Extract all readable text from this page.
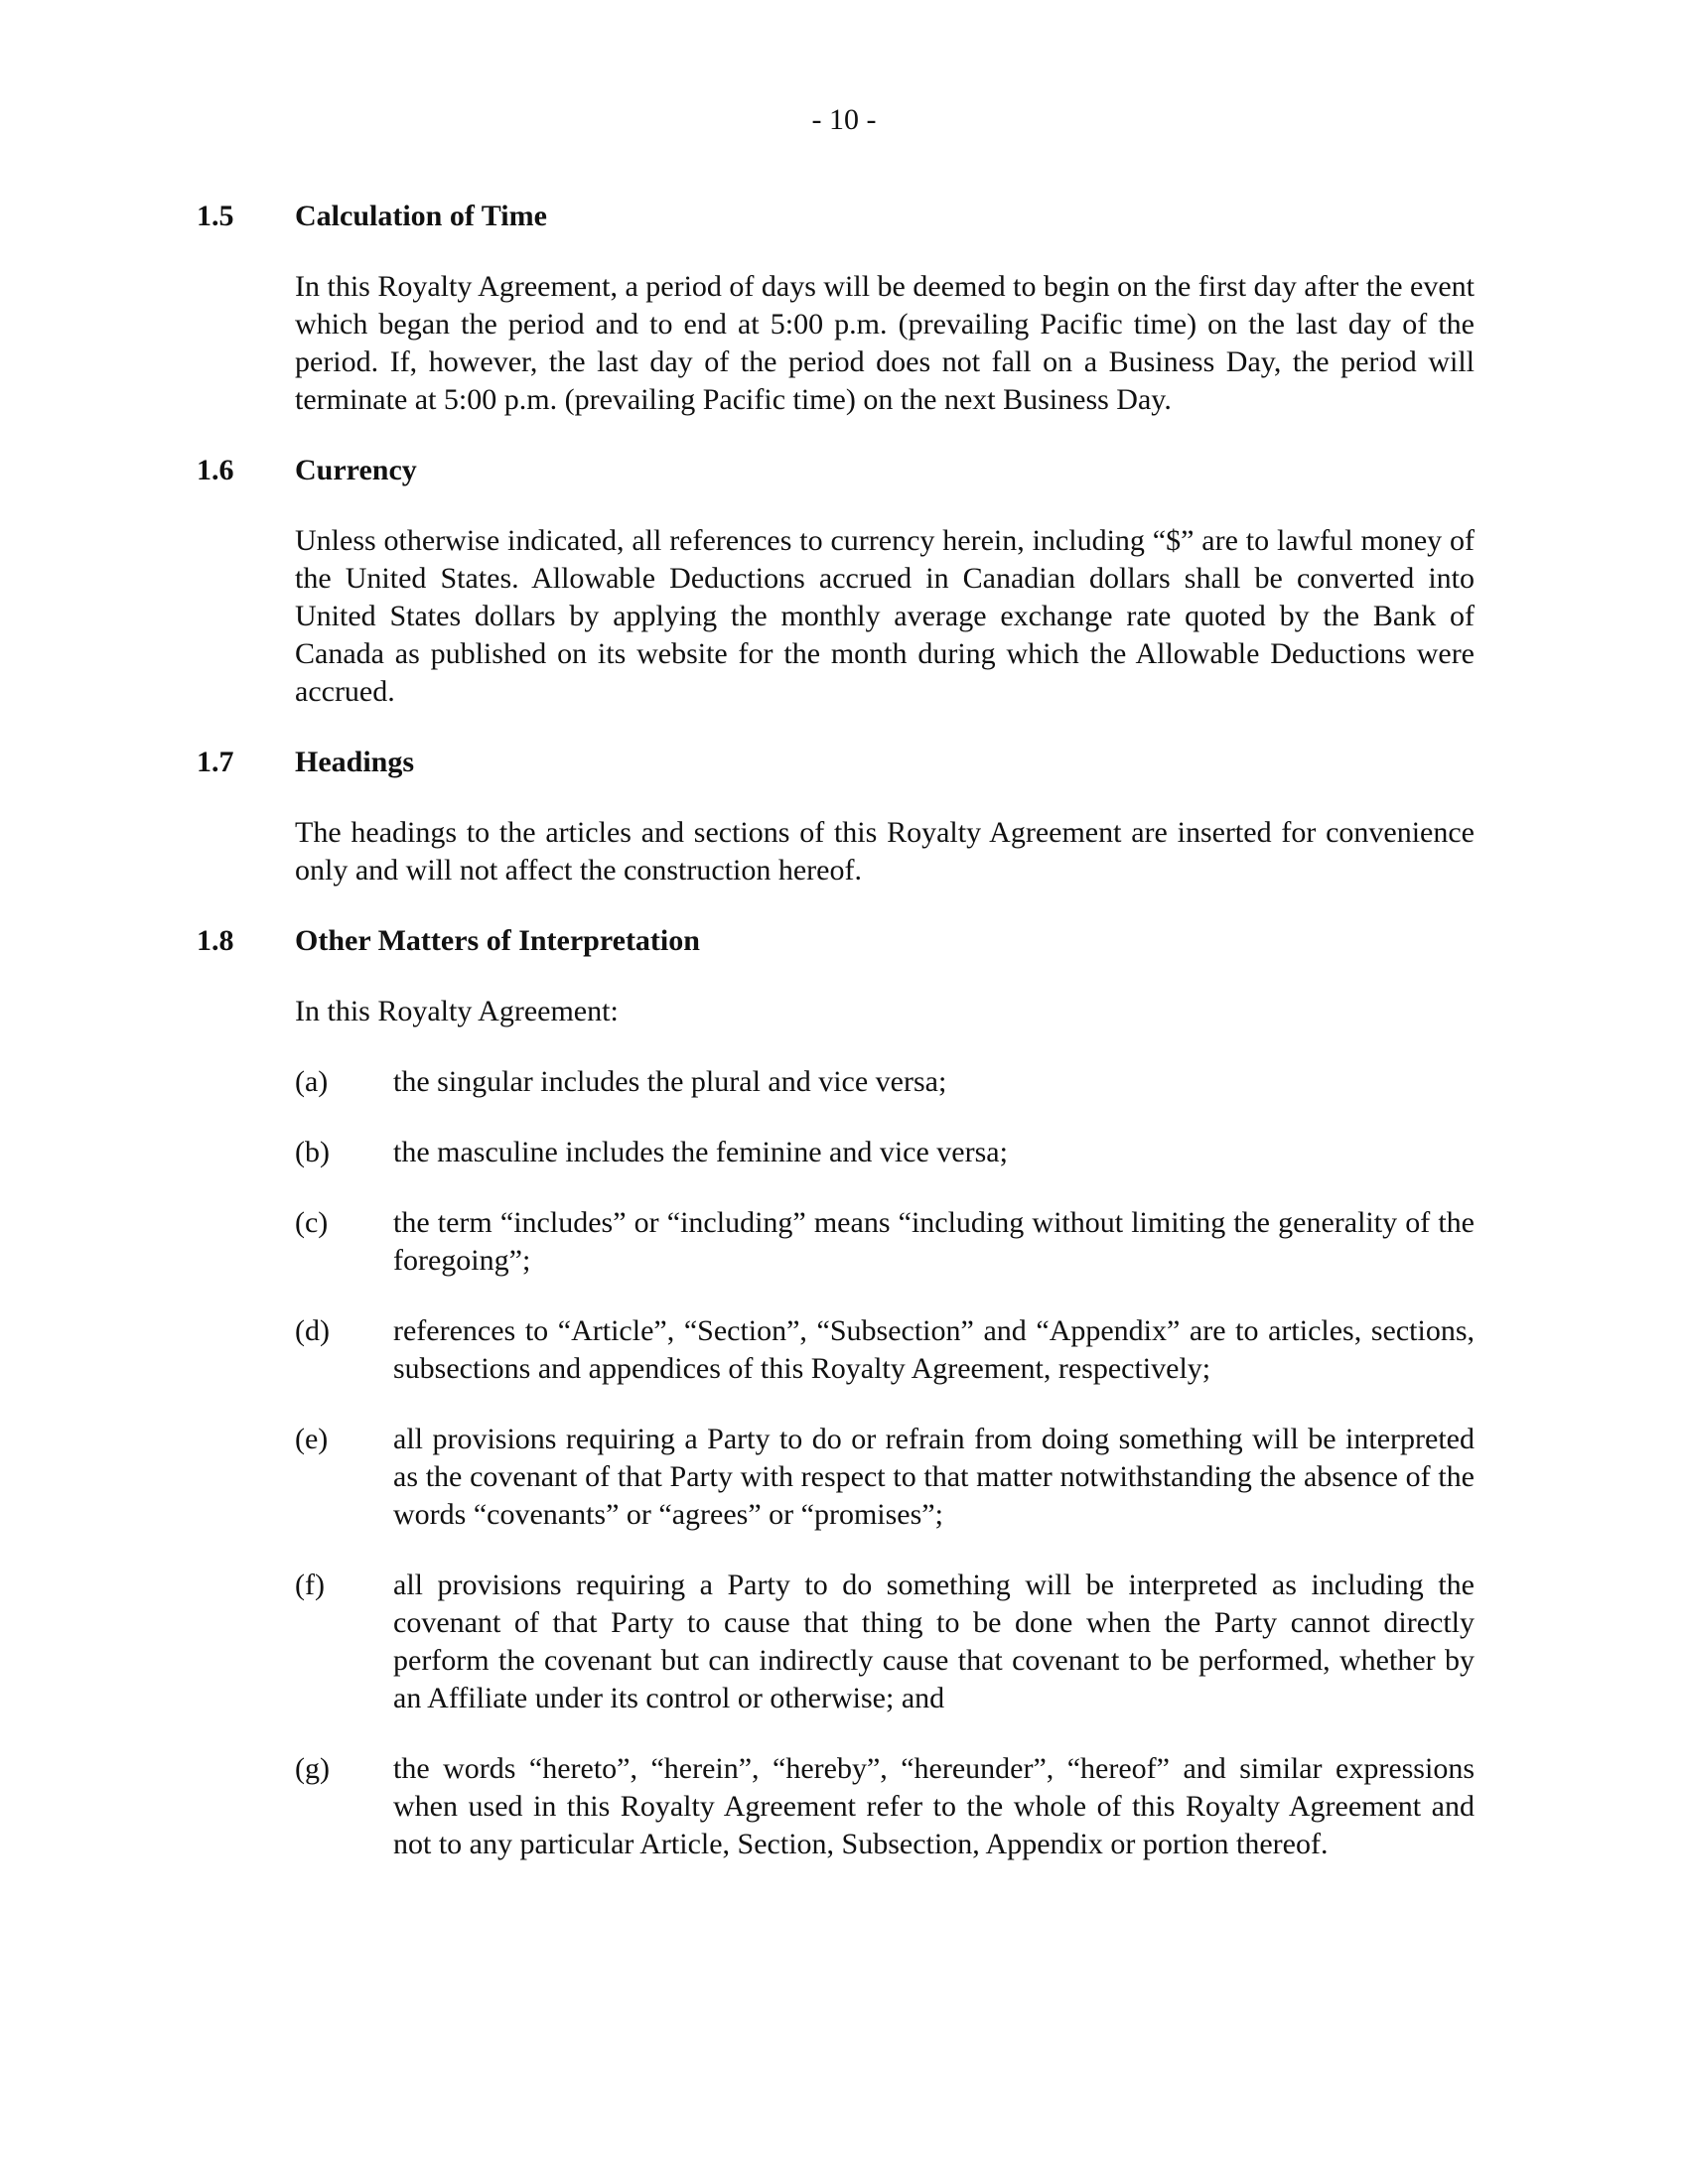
- 10 -
1.5	Calculation of Time

In this Royalty Agreement, a period of days will be deemed to begin on the first day after the event which began the period and to end at 5:00 p.m. (prevailing Pacific time) on the last day of the period. If, however, the last day of the period does not fall on a Business Day, the period will terminate at 5:00 p.m. (prevailing Pacific time) on the next Business Day.

1.6	Currency

Unless otherwise indicated, all references to currency herein, including “$” are to lawful money of the United States. Allowable Deductions accrued in Canadian dollars shall be converted into United States dollars by applying the monthly average exchange rate quoted by the Bank of Canada as published on its website for the month during which the Allowable Deductions were accrued.

1.7	Headings

The headings to the articles and sections of this Royalty Agreement are inserted for convenience only and will not affect the construction hereof.

1.8	Other Matters of Interpretation

In this Royalty Agreement:

(a)	the singular includes the plural and vice versa;
(b)	the masculine includes the feminine and vice versa;
(c)	the term “includes” or “including” means “including without limiting the generality of the foregoing”;
(d)	references to “Article”, “Section”, “Subsection” and “Appendix” are to articles, sections, subsections and appendices of this Royalty Agreement, respectively;
(e)	all provisions requiring a Party to do or refrain from doing something will be interpreted as the covenant of that Party with respect to that matter notwithstanding the absence of the words “covenants” or “agrees” or “promises”;
(f)	all provisions requiring a Party to do something will be interpreted as including the covenant of that Party to cause that thing to be done when the Party cannot directly perform the covenant but can indirectly cause that covenant to be performed, whether by an Affiliate under its control or otherwise; and
(g)	the words “hereto”, “herein”, “hereby”, “hereunder”, “hereof” and similar expressions when used in this Royalty Agreement refer to the whole of this Royalty Agreement and not to any particular Article, Section, Subsection, Appendix or portion thereof.
